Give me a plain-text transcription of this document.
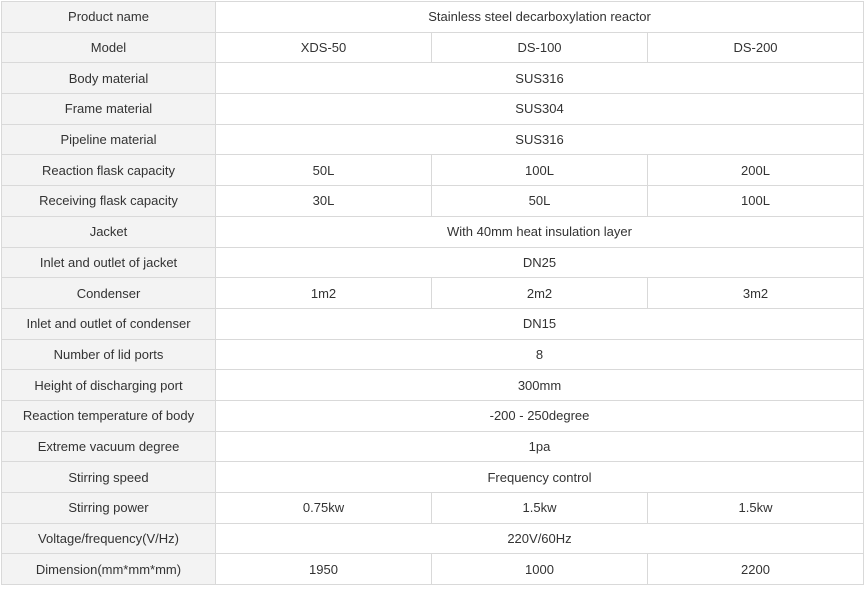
Product name	Stainless steel decarboxylation reactor		
Model	XDS-50	DS-100	DS-200
Body material	SUS316		
Frame material	SUS304		
Pipeline material	SUS316		
Reaction flask capacity	50L	100L	200L
Receiving flask capacity	30L	50L	100L
Jacket	With 40mm heat insulation layer		
Inlet and outlet of jacket	DN25		
Condenser	1m2	2m2	3m2
Inlet and outlet of condenser	DN15		
Number of lid ports	8		
Height of discharging port	300mm		
Reaction temperature of body	-200 - 250degree		
Extreme vacuum degree	1pa		
Stirring speed	Frequency control		
Stirring power	0.75kw	1.5kw	1.5kw
Voltage/frequency(V/Hz)	220V/60Hz		
Dimension(mm*mm*mm)	1950	1000	2200
